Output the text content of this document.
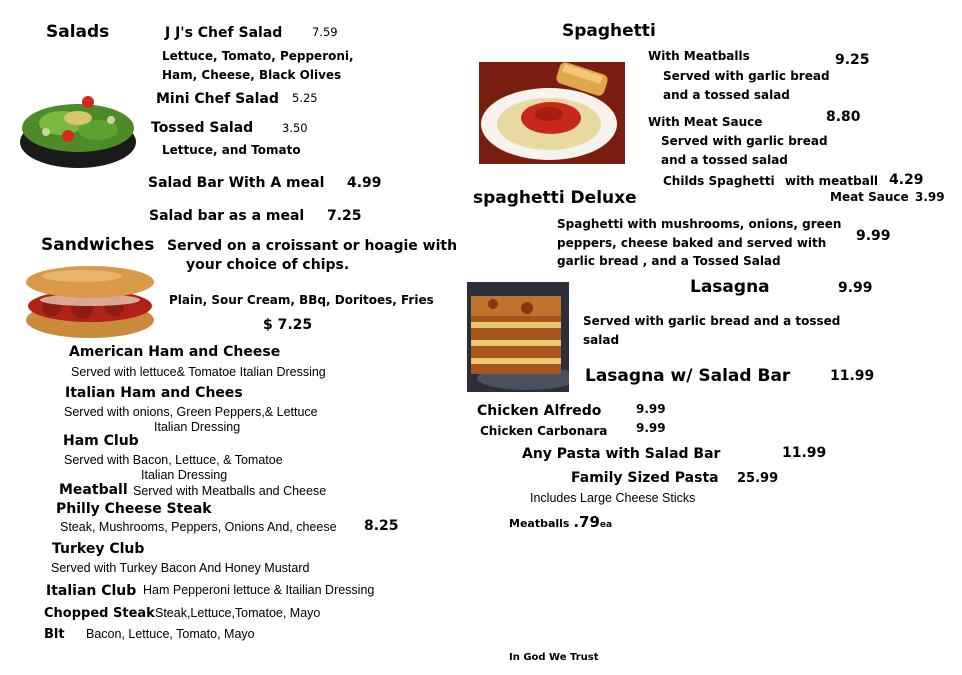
Salads	J J's Chef Salad	7.59
Lettuce, Tomato, Pepperoni,
Ham, Cheese, Black Olives
Mini Chef Salad 5.25
Tossed Salad	3.50
Lettuce, and Tomato
Salad Bar With A meal 4.99
Salad bar as a meal 7.25
Sandwiches Served on a croissant or hoagie with
your choice of chips.
Plain, Sour Cream, BBq, Doritoes, Fries
$ 7.25
American Ham and Cheese
Served with lettuce& Tomatoe Italian Dressing
Italian Ham and Chees
Served with onions, Green Peppers,& Lettuce
Italian Dressing
Ham Club
Served with Bacon, Lettuce, & Tomatoe
Italian Dressing
Meatball Served with Meatballs and Cheese
Philly Cheese Steak
Steak, Mushrooms, Peppers, Onions And, cheese 8.25
Turkey Club
Served with Turkey Bacon And Honey Mustard
Italian Club Ham Pepperoni lettuce & Itailian Dressing
Chopped Steak Steak,Lettuce,Tomatoe, Mayo
Blt Bacon, Lettuce, Tomato, Mayo
Spaghetti
With Meatballs	9.25
Served with garlic bread
and a tossed salad
With Meat Sauce	8.80
Served with garlic bread
and a tossed salad
Childs Spaghetti with meatball 4.29
Meat Sauce 3.99
spaghetti Deluxe
Spaghetti with mushrooms, onions, green
peppers, cheese baked and served with
garlic bread , and a Tossed Salad
9.99
Lasagna	9.99
Served with garlic bread and a tossed
salad
Lasagna w/ Salad Bar	11.99
Chicken Alfredo	9.99
Chicken Carbonara 9.99
Any Pasta with Salad Bar	11.99
Family Sized Pasta 25.99
Includes Large Cheese Sticks
Meatballs .79ea
In God We Trust
